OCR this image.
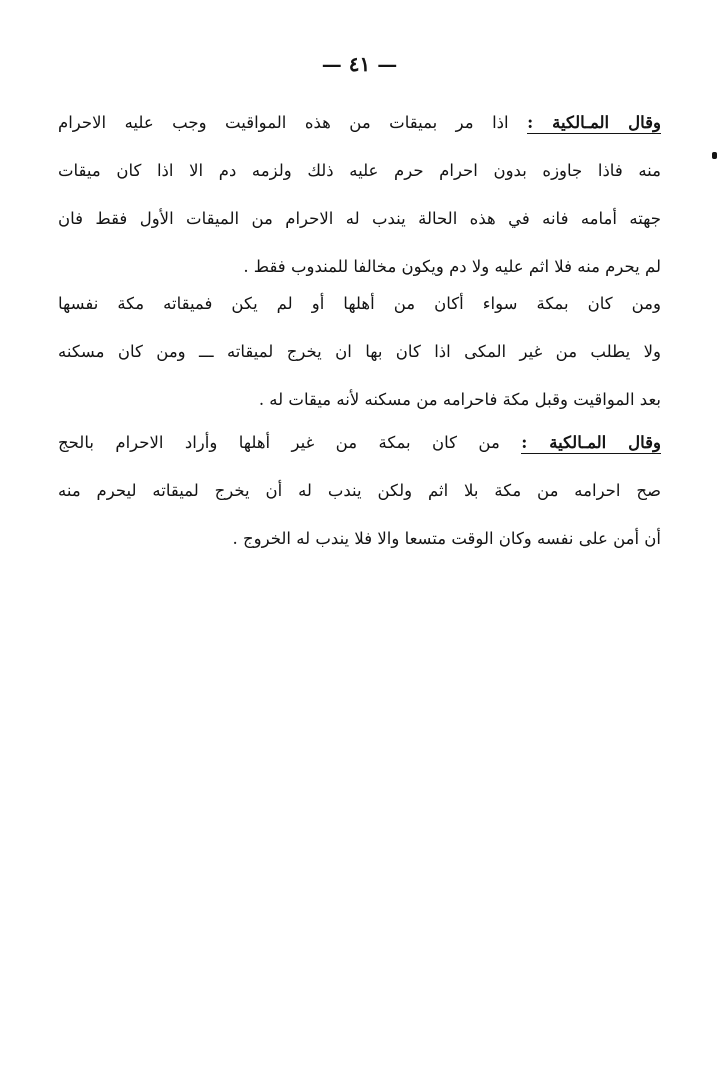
— ٤١ —
وقال المـالكية : اذا مر بميقات من هذه المواقيت وجب عليه الاحرام
منه فاذا جاوزه بدون احرام حرم عليه ذلك ولزمه دم الا اذا كان ميقات
جهته أمامه فانه في هذه الحالة يندب له الاحرام من الميقات الأول فقط فان
لم يحرم منه فلا اثم عليه ولا دم ويكون مخالفا للمندوب فقط .
ومن كان بمكة سواء أكان من أهلها أو لم يكن فميقاته مكة نفسها
ولا يطلب من غير المكى اذا كان بها ان يخرج لميقاته ـــ ومن كان مسكنه
بعد المواقيت وقبل مكة فاحرامه من مسكنه لأنه ميقات له .
وقال المـالكية : من كان بمكة من غير أهلها وأراد الاحرام بالحج
صح احرامه من مكة بلا اثم ولكن يندب له أن يخرج لميقاته ليحرم منه
أن أمن على نفسه وكان الوقت متسعا والا فلا يندب له الخروج .
